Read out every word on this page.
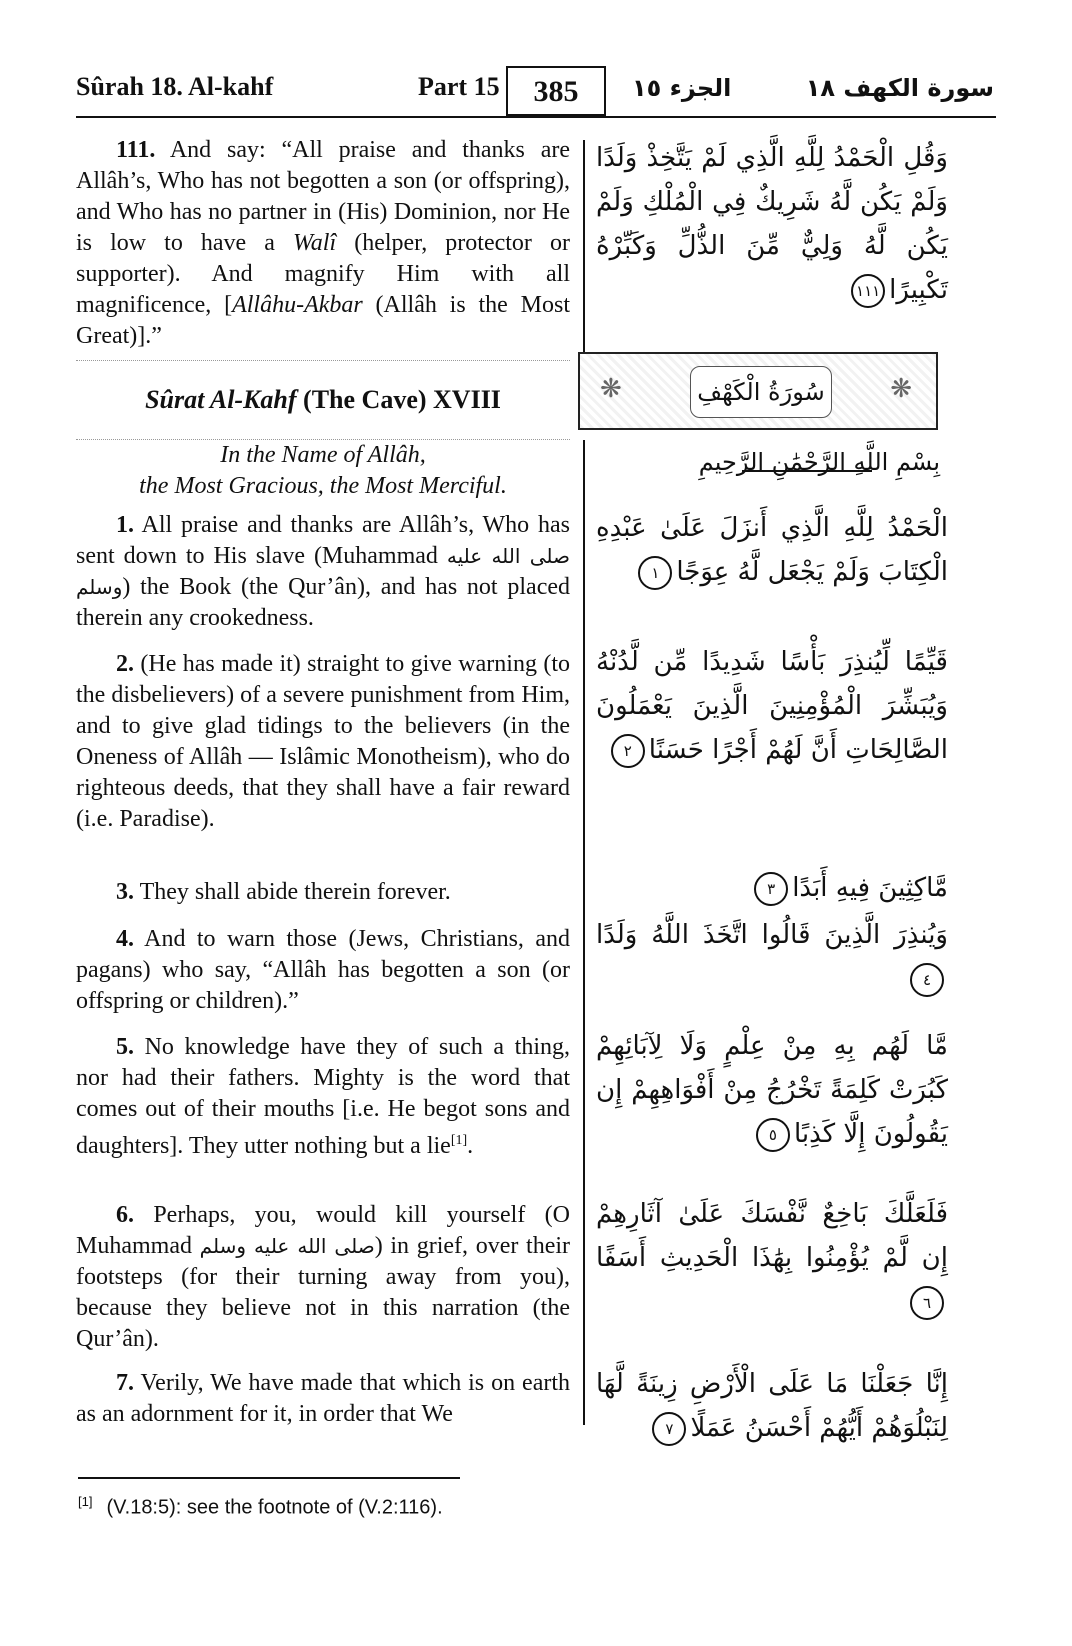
Sûrah 18. Al-kahf	Part 15	385	الجزء ١٥	سورة الكهف ١٨

111. And say: “All praise and thanks are Allâh’s, Who has not begotten a son (or offspring), and Who has no partner in (His) Dominion, nor He is low to have a Walî (helper, protector or supporter). And magnify Him with all magnificence, [Allâhu-Akbar (Allâh is the Most Great)].”

وَقُلِ الْحَمْدُ لِلَّهِ الَّذِي لَمْ يَتَّخِذْ وَلَدًا وَلَمْ يَكُن لَّهُ شَرِيكٌ فِي الْمُلْكِ وَلَمْ يَكُن لَّهُ وَلِيٌّ مِّنَ الذُّلِّ وَكَبِّرْهُ تَكْبِيرًا١١١
Sûrat Al-Kahf (The Cave) XVIII	❋	سُورَةُ الْكَهْفِ	❋
In the Name of Allâh,
the Most Gracious, the Most Merciful.
بِسْمِ اللَّهِ الرَّحْمَٰنِ الرَّحِيمِ

1. All praise and thanks are Allâh’s, Who has sent down to His slave (Muhammad صلى الله عليه وسلم) the Book (the Qur’ân), and has not placed therein any crookedness.

الْحَمْدُ لِلَّهِ الَّذِي أَنزَلَ عَلَىٰ عَبْدِهِ الْكِتَابَ وَلَمْ يَجْعَل لَّهُ عِوَجًا١

2. (He has made it) straight to give warning (to the disbelievers) of a severe punishment from Him, and to give glad tidings to the believers (in the Oneness of Allâh — Islâmic Monotheism), who do righteous deeds, that they shall have a fair reward (i.e. Paradise).

قَيِّمًا لِّيُنذِرَ بَأْسًا شَدِيدًا مِّن لَّدُنْهُ وَيُبَشِّرَ الْمُؤْمِنِينَ الَّذِينَ يَعْمَلُونَ الصَّالِحَاتِ أَنَّ لَهُمْ أَجْرًا حَسَنًا٢

3. They shall abide therein forever.	مَّاكِثِينَ فِيهِ أَبَدًا٣

4. And to warn those (Jews, Christians, and pagans) who say, “Allâh has begotten a son (or offspring or children).”

وَيُنذِرَ الَّذِينَ قَالُوا اتَّخَذَ اللَّهُ وَلَدًا٤

5. No knowledge have they of such a thing, nor had their fathers. Mighty is the word that comes out of their mouths [i.e. He begot sons and daughters]. They utter nothing but a lie[1].

مَّا لَهُم بِهِ مِنْ عِلْمٍ وَلَا لِآبَائِهِمْ كَبُرَتْ كَلِمَةً تَخْرُجُ مِنْ أَفْوَاهِهِمْ إِن يَقُولُونَ إِلَّا كَذِبًا٥

6. Perhaps, you, would kill yourself (O Muhammad صلى الله عليه وسلم) in grief, over their footsteps (for their turning away from you), because they believe not in this narration (the Qur’ân).

فَلَعَلَّكَ بَاخِعٌ نَّفْسَكَ عَلَىٰ آثَارِهِمْ إِن لَّمْ يُؤْمِنُوا بِهَٰذَا الْحَدِيثِ أَسَفًا٦

7. Verily, We have made that which is on earth as an adornment for it, in order that We

إِنَّا جَعَلْنَا مَا عَلَى الْأَرْضِ زِينَةً لَّهَا لِنَبْلُوَهُمْ أَيُّهُمْ أَحْسَنُ عَمَلًا٧
[1] (V.18:5): see the footnote of (V.2:116).
